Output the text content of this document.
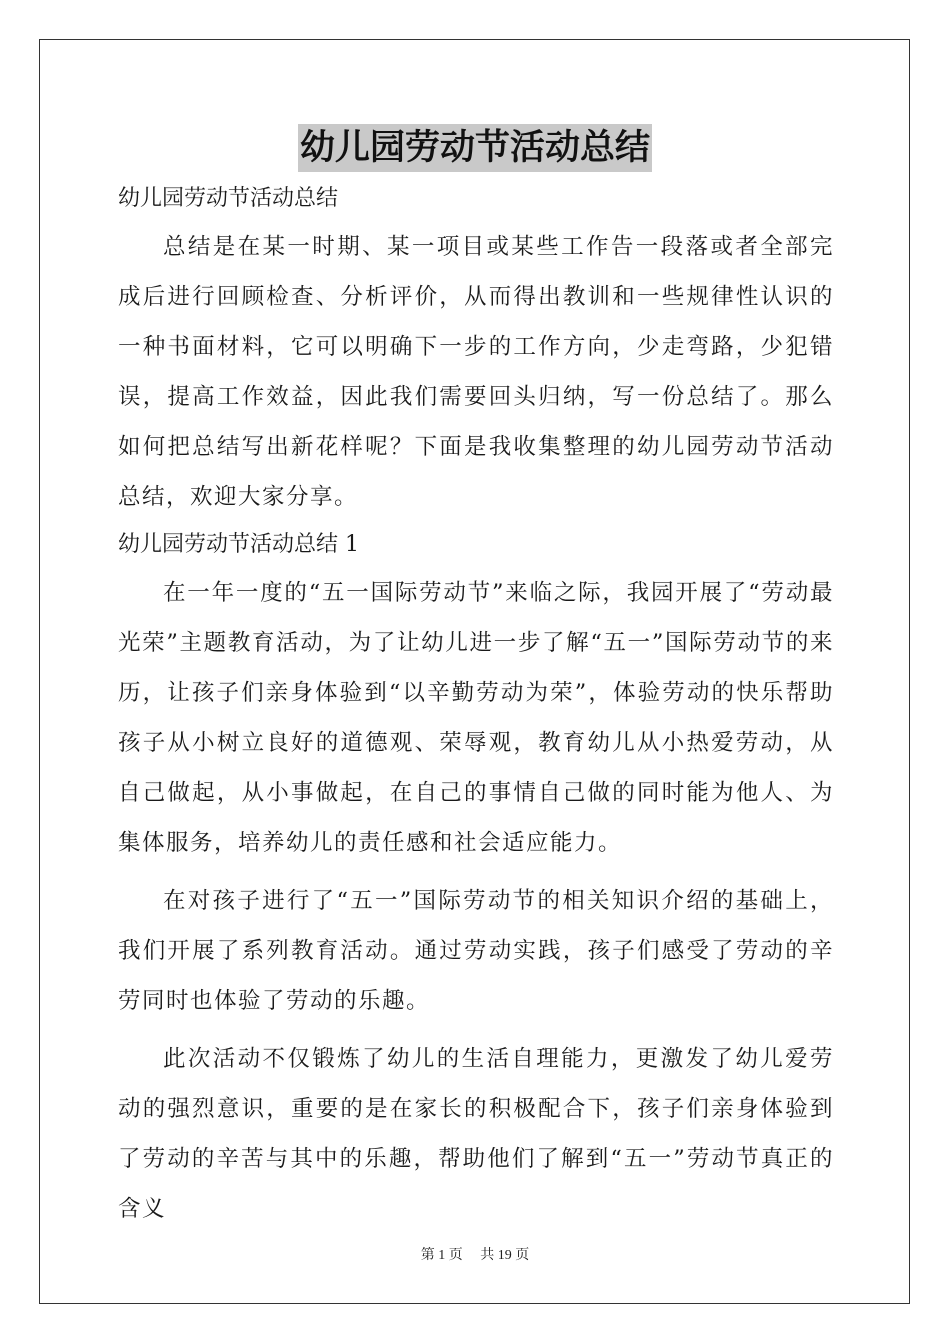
幼儿园劳动节活动总结

幼儿园劳动节活动总结

总结是在某一时期、某一项目或某些工作告一段落或者全部完成后进行回顾检查、分析评价，从而得出教训和一些规律性认识的一种书面材料，它可以明确下一步的工作方向，少走弯路，少犯错误，提高工作效益，因此我们需要回头归纳，写一份总结了。那么如何把总结写出新花样呢？下面是我收集整理的幼儿园劳动节活动总结，欢迎大家分享。

幼儿园劳动节活动总结 1

在一年一度的“五一国际劳动节”来临之际，我园开展了“劳动最光荣”主题教育活动，为了让幼儿进一步了解“五一”国际劳动节的来历，让孩子们亲身体验到“以辛勤劳动为荣”，体验劳动的快乐帮助孩子从小树立良好的道德观、荣辱观，教育幼儿从小热爱劳动，从自己做起，从小事做起，在自己的事情自己做的同时能为他人、为集体服务，培养幼儿的责任感和社会适应能力。

在对孩子进行了“五一”国际劳动节的相关知识介绍的基础上，我们开展了系列教育活动。通过劳动实践，孩子们感受了劳动的辛劳同时也体验了劳动的乐趣。

此次活动不仅锻炼了幼儿的生活自理能力，更激发了幼儿爱劳动的强烈意识，重要的是在家长的积极配合下，孩子们亲身体验到了劳动的辛苦与其中的乐趣，帮助他们了解到“五一”劳动节真正的含义

第 1 页 共 19 页
